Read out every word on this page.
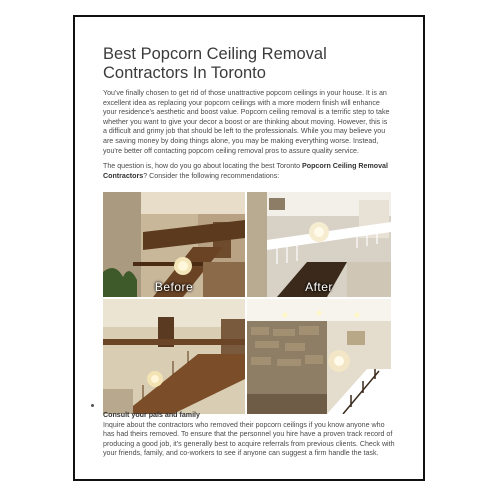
Best Popcorn Ceiling Removal Contractors In Toronto

You've finally chosen to get rid of those unattractive popcorn ceilings in your house. It is an excellent idea as replacing your popcorn ceilings with a more modern finish will enhance your residence's aesthetic and boost value. Popcorn ceiling removal is a terrific step to take whether you want to give your decor a boost or are thinking about moving. However, this is a difficult and grimy job that should be left to the professionals. While you may believe you are saving money by doing things alone, you may be making everything worse. Instead, you're better off contacting popcorn ceiling removal pros to assure quality service.

The question is, how do you go about locating the best Toronto Popcorn Ceiling Removal Contractors? Consider the following recommendations:

Before	After

Consult your pals and family

Inquire about the contractors who removed their popcorn ceilings if you know anyone who has had theirs removed. To ensure that the personnel you hire have a proven track record of producing a good job, it's generally best to acquire referrals from previous clients. Check with your friends, family, and co-workers to see if anyone can suggest a firm handle the task.
